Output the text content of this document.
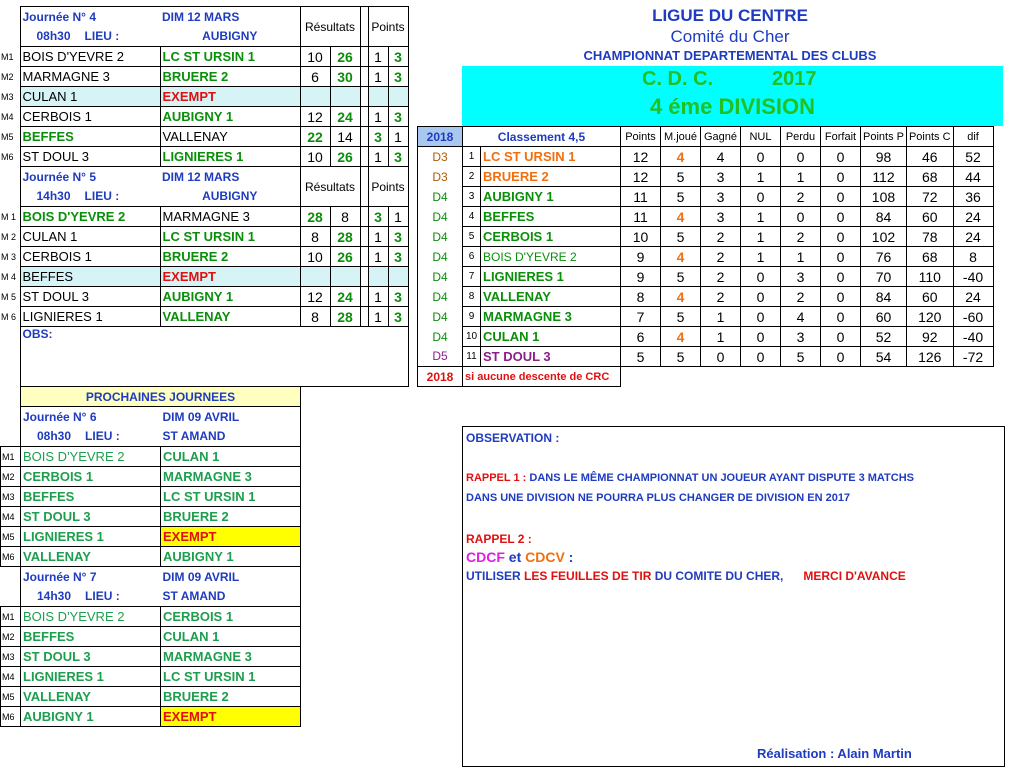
LIGUE DU CENTRE
Comité du Cher
CHAMPIONNAT DEPARTEMENTAL DES CLUBS
C. D. C.	2017
4 éme DIVISION
	Journée N° 4	DIM 12 MARS	Résultats			Points	
	08h30 LIEU :	AUBIGNY					
M1	BOIS D'YEVRE 2	LC ST URSIN 1	10	26		1	3
M2	MARMAGNE 3	BRUERE 2	6	30		1	3
M3	CULAN 1	EXEMPT					
M4	CERBOIS 1	AUBIGNY 1	12	24		1	3
M5	BEFFES	VALLENAY	22	14		3	1
M6	ST DOUL 3	LIGNIERES 1	10	26		1	3
	Journée N° 5	DIM 12 MARS	Résultats			Points	
	14h30 LIEU :	AUBIGNY					
M 1	BOIS D'YEVRE 2	MARMAGNE 3	28	8		3	1
M 2	CULAN 1	LC ST URSIN 1	8	28		1	3
M 3	CERBOIS 1	BRUERE 2	10	26		1	3
M 4	BEFFES	EXEMPT					
M 5	ST DOUL 3	AUBIGNY 1	12	24		1	3
M 6	LIGNIERES 1	VALLENAY	8	28		1	3
	OBS:						

2018	Classement 4,5		Points	M.joué	Gagné	NUL	Perdu	Forfait	Points P	Points C	dif
D3	1	LC ST URSIN 1	12	4	4	0	0	0	98	46	52
D3	2	BRUERE 2	12	5	3	1	1	0	112	68	44
D4	3	AUBIGNY 1	11	5	3	0	2	0	108	72	36
D4	4	BEFFES	11	4	3	1	0	0	84	60	24
D4	5	CERBOIS 1	10	5	2	1	2	0	102	78	24
D4	6	BOIS D'YEVRE 2	9	4	2	1	1	0	76	68	8
D4	7	LIGNIERES 1	9	5	2	0	3	0	70	110	-40
D4	8	VALLENAY	8	4	2	0	2	0	84	60	24
D4	9	MARMAGNE 3	7	5	1	0	4	0	60	120	-60
D4	10	CULAN 1	6	4	1	0	3	0	52	92	-40
D5	11	ST DOUL 3	5	5	0	0	5	0	54	126	-72
2018	si aucune descente de CRC										
	PROCHAINES JOURNEES	
	Journée N° 6	DIM 09 AVRIL
	08h30 LIEU :	ST AMAND
M1	BOIS D'YEVRE 2	CULAN 1
M2	CERBOIS 1	MARMAGNE 3
M3	BEFFES	LC ST URSIN 1
M4	ST DOUL 3	BRUERE 2
M5	LIGNIERES 1	EXEMPT
M6	VALLENAY	AUBIGNY 1
	Journée N° 7	DIM 09 AVRIL
	14h30 LIEU :	ST AMAND
M1	BOIS D'YEVRE 2	CERBOIS 1
M2	BEFFES	CULAN 1
M3	ST DOUL 3	MARMAGNE 3
M4	LIGNIERES 1	LC ST URSIN 1
M5	VALLENAY	BRUERE 2
M6	AUBIGNY 1	EXEMPT
OBSERVATION :
RAPPEL 1 : DANS LE MÊME CHAMPIONNAT UN JOUEUR AYANT DISPUTE 3 MATCHS
DANS UNE DIVISION NE POURRA PLUS CHANGER DE DIVISION EN 2017
RAPPEL 2 :
CDCF et CDCV :
UTILISER LES FEUILLES DE TIR DU COMITE DU CHER, MERCI D'AVANCE
Réalisation : Alain Martin
